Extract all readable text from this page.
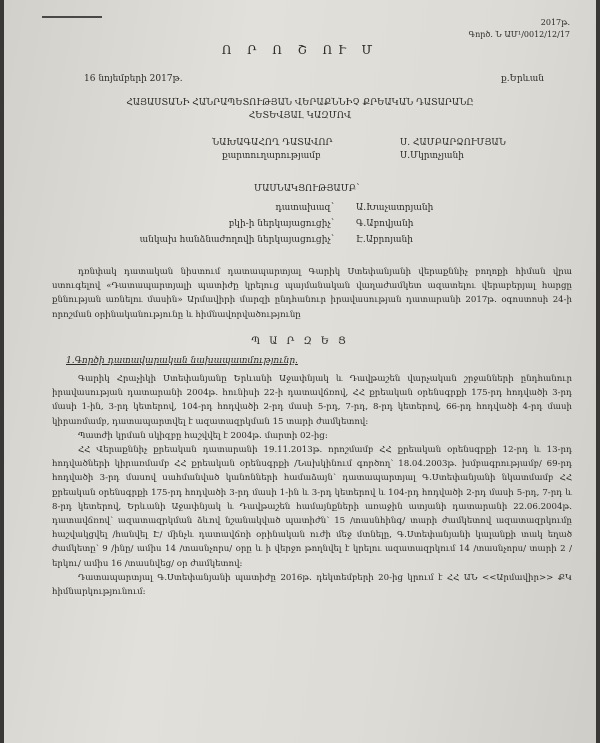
2017թ.
Գործ. Ն ԱՄ¹/0012/12/17
Ո Ր Ո Շ ՈՒ Մ
16 նոյեմբերի 2017թ.	ք.Երևան
ՀԱՅԱՍՏԱՆԻ ՀԱՆՐԱՊԵՏՈՒԹՅԱՆ ՎԵՐԱՔՆՆԻՉ ՔՐԵԱԿԱՆ ԴԱՏԱՐԱՆԸ
ՀԵՏԵՎՅԱԼ ԿԱԶՄՈՎ
ՆԱԽԱԳԱՀՈՂ ԴԱՏԱՎՈՐ	Ս. ՀԱՄԲԱՐՁՈՒՄՅԱՆ
քարտուղարությամբ	Ս.Մկրտչյանի
ՄԱՍՆԱԿՑՈՒԹՅԱՄԲ՝
դատախազ՝ Ա.Խաչատրյանի
բկի-ի ներկայացուցիչ՝ Գ.Աբովյանի
անկախ հանձնաժողովի ներկայացուցիչ՝ Է.Աբրոյանի

դռնփակ դատական նիստում դատապարտյալ Գարիկ Ստեփանյանի վերաքննիչ բողոքի հիման վրա ստուգելով «Դատապարտյալի պատիժը կրելուց պայմանական վաղաժամկետ ազատելու վերաբերյալ հարցը քննության առնելու մասին» Արմավիրի մարզի ընդհանուր իրավասության դատարանի 2017թ. օգոստոսի 24-ի որոշման օրինականությունը և հիմնավորվածությունը

Պ Ա Ր Զ Ե Ց
1.Գործի դատավարական նախապատմությունը.

Գարիկ Հրաչիկի Ստեփանյանը Երևանի Աջափնյակ և Դավթաշեն վարչական շրջանների ընդհանուր իրավասության դատարանի 2004թ. հունիսի 22-ի դատավճռով, ՀՀ քրեական օրենսգրքի 175-րդ հոդվածի 3-րդ մասի 1-ին, 3-րդ կետերով, 104-րդ հոդվածի 2-րդ մասի 5-րդ, 7-րդ, 8-րդ կետերով, 66-րդ հոդվածի 4-րդ մասի կիրառմամբ, դատապարտվել է ազատազրկման 15 տարի ժամկետով:

Պատժի կրման սկիզբը հաշվվել է 2004թ. մարտի 02-ից:

ՀՀ Վերաքննիչ քրեական դատարանի 19.11.2013թ. որոշմամբ ՀՀ քրեական օրենսգրքի 12-րդ և 13-րդ հոդվածների կիրառմամբ ՀՀ քրեական օրենսգրքի /Նախկինում գործող՝ 18.04.2003թ. խմբագրությամբ/ 69-րդ հոդվածի 3-րդ մասով սահմանված կանոնների համաձայն՝ դատապարտյալ Գ.Ստեփանյանի նկատմամբ ՀՀ քրեական օրենսգրքի 175-րդ հոդվածի 3-րդ մասի 1-ին և 3-րդ կետերով և 104-րդ հոդվածի 2-րդ մասի 5-րդ, 7-րդ և 8-րդ կետերով, Երևանի Աջափնյակ և Դավթաշեն համայնքների առաջին ատյանի դատարանի 22.06.2004թ. դատավճռով՝ ազատազրկման ձևով նշանակված պատիժն՝ 15 /տասնհինգ/ տարի ժամկետով ազատազրկումը հաշվակցվել /հանվել Է/ մինչև դատավճռի օրինական ուժի մեջ մտնելը, Գ.Ստեփանյանի կալանքի տակ եղած ժամկետը՝ 9 /ինը/ ամիս 14 /տասնչորս/ օրը և ի վերջո թողնվել է կրելու ազատազրկում 14 /տասնչորս/ տարի 2 /երկու/ ամիս 16 /տասնվեց/ օր ժամկետով:

Դատապարտյալ Գ.Ստեփանյանի պատիժը 2016թ. դեկտեմբերի 20-ից կրում է ՀՀ ԱՆ <<Արմավիր>> ՔԿ հիմնարկությունում:
